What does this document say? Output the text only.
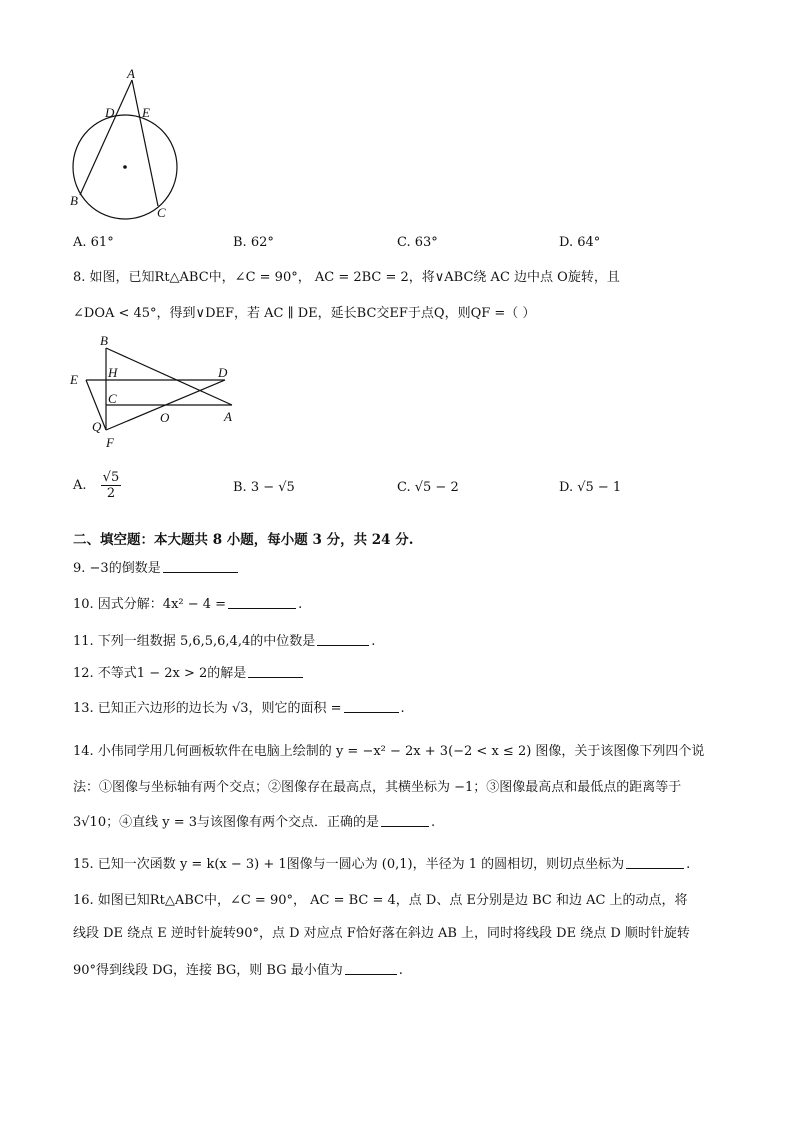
A
D E
B
C
A. 61°	B. 62°	C. 63°	D. 64°
8. 如图，已知Rt△ABC中，∠C = 90°， AC = 2BC = 2，将∨ABC绕 AC 边中点 O旋转，且
∠DOA < 45°，得到∨DEF，若 AC ∥ DE，延长BC交EF于点Q，则QF =（ ）
B
H	D
E
C
O	A
Q
F
A. $\frac{√5}{2}$	B. 3 − √5	C. √5 − 2	D. √5 − 1
二、填空题：本大题共 8 小题，每小题 3 分，共 24 分.
9. −3的倒数是
10. 因式分解：4x² − 4 =	.
11. 下列一组数据 5,6,5,6,4,4的中位数是	.
12. 不等式1 − 2x > 2的解是
13. 已知正六边形的边长为 √3，则它的面积 =	.
14. 小伟同学用几何画板软件在电脑上绘制的 y = −x² − 2x + 3(−2 < x ≤ 2) 图像，关于该图像下列四个说
法：①图像与坐标轴有两个交点；②图像存在最高点，其横坐标为 −1；③图像最高点和最低点的距离等于
3√10；④直线 y = 3与该图像有两个交点．正确的是	.
15. 已知一次函数 y = k(x − 3) + 1图像与一圆心为 (0,1)，半径为 1 的圆相切，则切点坐标为	.
16. 如图已知Rt△ABC中，∠C = 90°， AC = BC = 4，点 D、点 E分别是边 BC 和边 AC 上的动点，将
线段 DE 绕点 E 逆时针旋转90°，点 D 对应点 F恰好落在斜边 AB 上，同时将线段 DE 绕点 D 顺时针旋转
90°得到线段 DG，连接 BG，则 BG 最小值为	.
